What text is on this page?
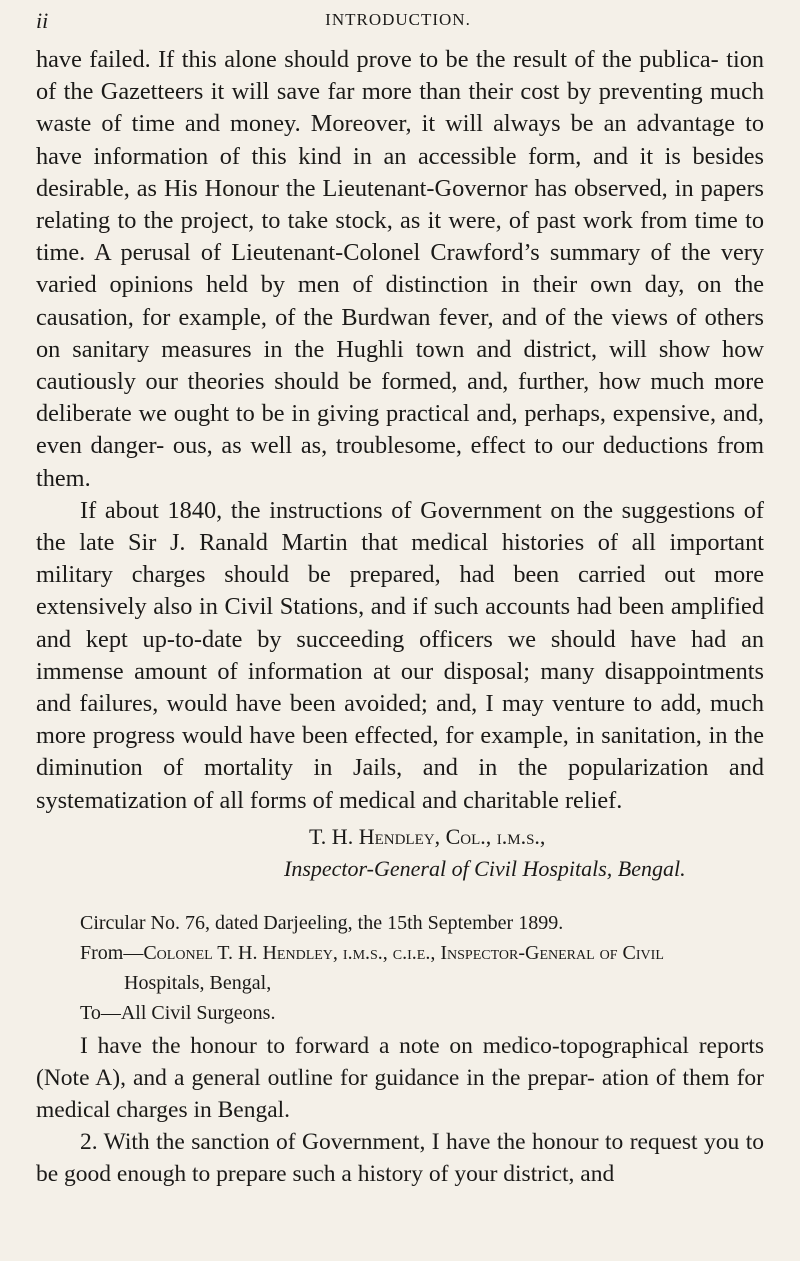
ii	INTRODUCTION.

have failed. If this alone should prove to be the result of the publica- tion of the Gazetteers it will save far more than their cost by preventing much waste of time and money. Moreover, it will always be an advantage to have information of this kind in an accessible form, and it is besides desirable, as His Honour the Lieutenant-Governor has observed, in papers relating to the project, to take stock, as it were, of past work from time to time. A perusal of Lieutenant-Colonel Crawford’s summary of the very varied opinions held by men of distinction in their own day, on the causation, for example, of the Burdwan fever, and of the views of others on sanitary measures in the Hughli town and district, will show how cautiously our theories should be formed, and, further, how much more deliberate we ought to be in giving practical and, perhaps, expensive, and, even danger- ous, as well as, troublesome, effect to our deductions from them.

If about 1840, the instructions of Government on the suggestions of the late Sir J. Ranald Martin that medical histories of all important military charges should be prepared, had been carried out more extensively also in Civil Stations, and if such accounts had been amplified and kept up-to-date by succeeding officers we should have had an immense amount of information at our disposal; many disappointments and failures, would have been avoided; and, I may venture to add, much more progress would have been effected, for example, in sanitation, in the diminution of mortality in Jails, and in the popularization and systematization of all forms of medical and charitable relief.

T. H. Hendley, Col., i.m.s.,

Inspector-General of Civil Hospitals, Bengal.

Circular No. 76, dated Darjeeling, the 15th September 1899.

From—Colonel T. H. Hendley, i.m.s., c.i.e., Inspector-General of Civil

Hospitals, Bengal,

To—All Civil Surgeons.

I have the honour to forward a note on medico-topographical reports (Note A), and a general outline for guidance in the prepar- ation of them for medical charges in Bengal.

2. With the sanction of Government, I have the honour to request you to be good enough to prepare such a history of your district, and
